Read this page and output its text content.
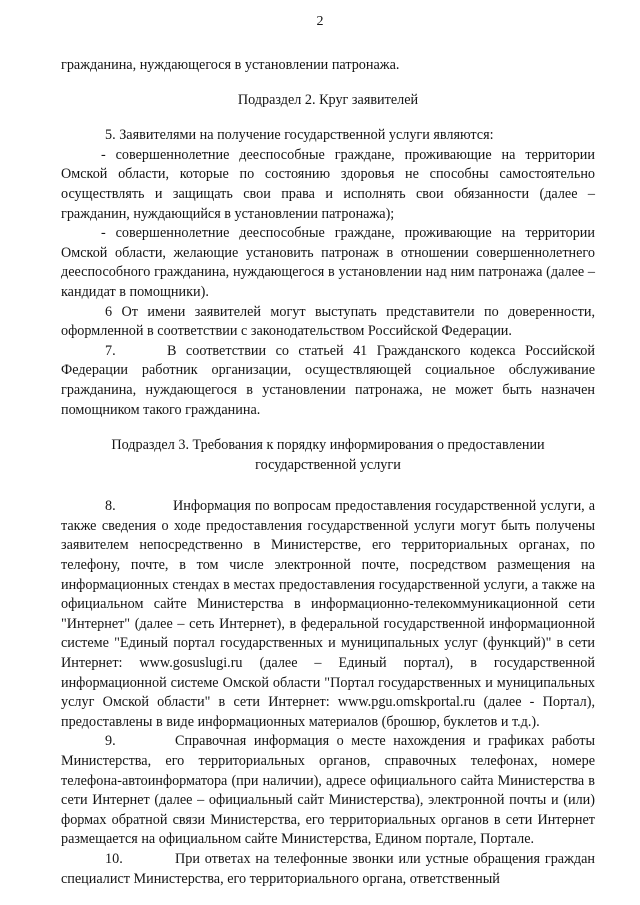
2

гражданина, нуждающегося в установлении патронажа.

Подраздел 2. Круг заявителей

5. Заявителями на получение государственной услуги являются:

- совершеннолетние дееспособные граждане, проживающие на территории Омской области, которые по состоянию здоровья не способны самостоятельно осуществлять и защищать свои права и исполнять свои обязанности (далее – гражданин, нуждающийся в установлении патронажа);

- совершеннолетние дееспособные граждане, проживающие на территории Омской области, желающие установить патронаж в отношении совершеннолетнего дееспособного гражданина, нуждающегося в установлении над ним патронажа (далее – кандидат в помощники).

6 От имени заявителей могут выступать представители по доверенности, оформленной в соответствии с законодательством Российской Федерации.

7.	В соответствии со статьей 41 Гражданского кодекса Российской Федерации работник организации, осуществляющей социальное обслуживание гражданина, нуждающегося в установлении патронажа, не может быть назначен помощником такого гражданина.

Подраздел 3. Требования к порядку информирования о предоставлении
государственной услуги

8.	Информация по вопросам предоставления государственной услуги, а также сведения о ходе предоставления государственной услуги могут быть получены заявителем непосредственно в Министерстве, его территориальных органах, по телефону, почте, в том числе электронной почте, посредством размещения на информационных стендах в местах предоставления государственной услуги, а также на официальном сайте Министерства в информационно-телекоммуникационной сети "Интернет" (далее – сеть Интернет), в федеральной государственной информационной системе "Единый портал государственных и муниципальных услуг (функций)" в сети Интернет: www.gosuslugi.ru (далее – Единый портал), в государственной информационной системе Омской области "Портал государственных и муниципальных услуг Омской области" в сети Интернет: www.pgu.omskportal.ru (далее - Портал), предоставлены в виде информационных материалов (брошюр, буклетов и т.д.).

9.	Справочная информация о месте нахождения и графиках работы Министерства, его территориальных органов, справочных телефонах, номере телефона-автоинформатора (при наличии), адресе официального сайта Министерства в сети Интернет (далее – официальный сайт Министерства), электронной почты и (или) формах обратной связи Министерства, его территориальных органов в сети Интернет размещается на официальном сайте Министерства, Едином портале, Портале.

10.	При ответах на телефонные звонки или устные обращения граждан специалист Министерства, его территориального органа, ответственный
